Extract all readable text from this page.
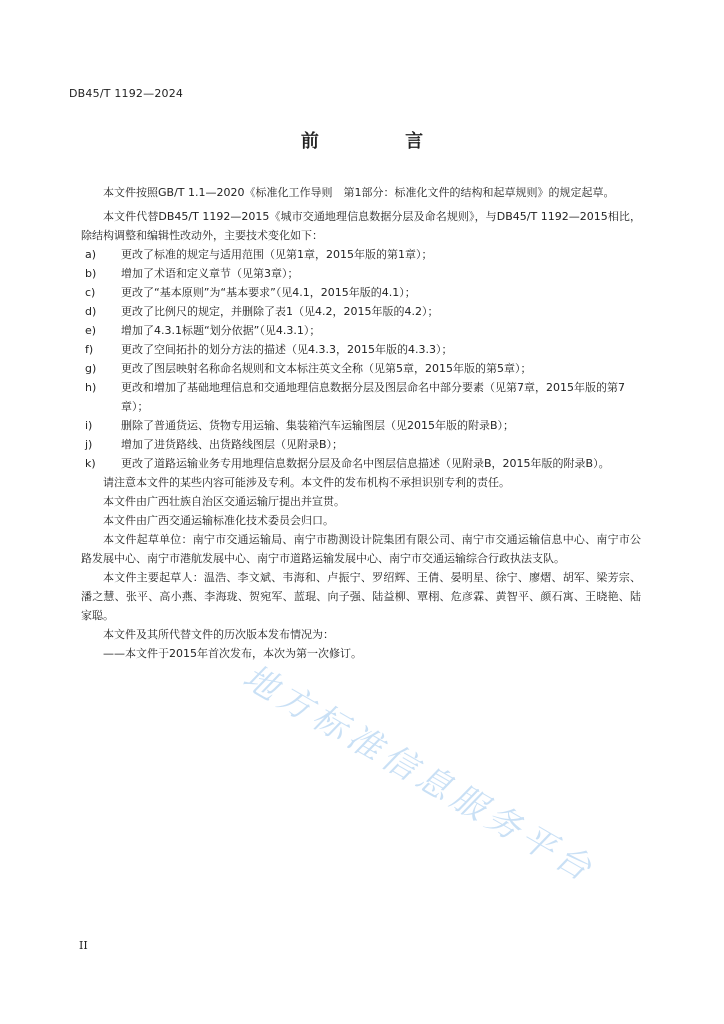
DB45/T 1192—2024
前 言

本文件按照GB/T 1.1—2020《标准化工作导则　第1部分：标准化文件的结构和起草规则》的规定起草。

本文件代替DB45/T 1192—2015《城市交通地理信息数据分层及命名规则》，与DB45/T 1192—2015相比，除结构调整和编辑性改动外，主要技术变化如下：

a)	更改了标准的规定与适用范围（见第1章，2015年版的第1章）；
b)	增加了术语和定义章节（见第3章）；
c)	更改了“基本原则”为“基本要求”（见4.1，2015年版的4.1）；
d)	更改了比例尺的规定，并删除了表1（见4.2，2015年版的4.2）；
e)	增加了4.3.1标题“划分依据”（见4.3.1）；
f)	更改了空间拓扑的划分方法的描述（见4.3.3，2015年版的4.3.3）；
g)	更改了图层映射名称命名规则和文本标注英文全称（见第5章，2015年版的第5章）；
h)	更改和增加了基础地理信息和交通地理信息数据分层及图层命名中部分要素（见第7章，2015年版的第7章）；
i)	删除了普通货运、货物专用运输、集装箱汽车运输图层（见2015年版的附录B）；
j)	增加了进货路线、出货路线图层（见附录B）；
k)	更改了道路运输业务专用地理信息数据分层及命名中图层信息描述（见附录B，2015年版的附录B）。

请注意本文件的某些内容可能涉及专利。本文件的发布机构不承担识别专利的责任。

本文件由广西壮族自治区交通运输厅提出并宣贯。

本文件由广西交通运输标准化技术委员会归口。

本文件起草单位：南宁市交通运输局、南宁市勘测设计院集团有限公司、南宁市交通运输信息中心、南宁市公路发展中心、南宁市港航发展中心、南宁市道路运输发展中心、南宁市交通运输综合行政执法支队。

本文件主要起草人：温浩、李文斌、韦海和、卢振宁、罗绍辉、王倩、晏明星、徐宁、廖熠、胡军、梁芳宗、潘之慧、张平、高小燕、李海珑、贺宛军、蓝琨、向子强、陆益柳、覃栩、危彦霖、黄智平、颜石寓、王晓艳、陆家聪。

本文件及其所代替文件的历次版本发布情况为：

——本文件于2015年首次发布，本次为第一次修订。

地方标准信息服务平台
II
